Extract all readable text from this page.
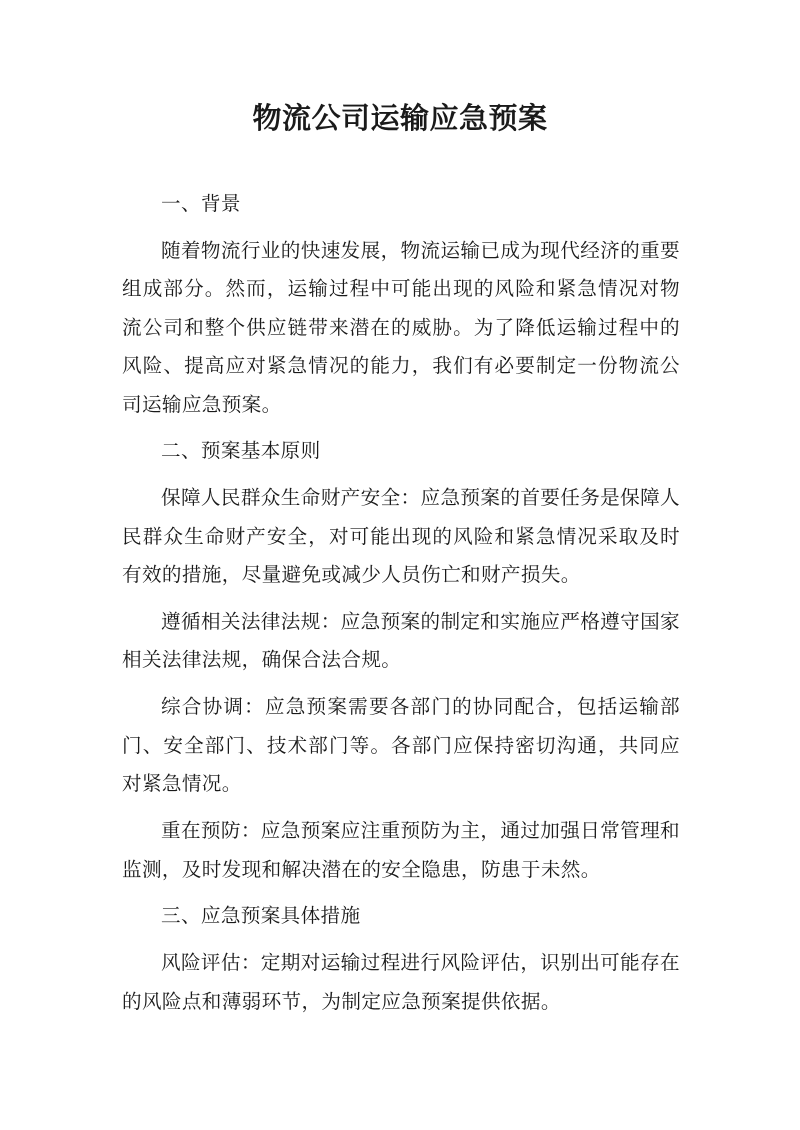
物流公司运输应急预案

一、背景

随着物流行业的快速发展，物流运输已成为现代经济的重要组成部分。然而，运输过程中可能出现的风险和紧急情况对物流公司和整个供应链带来潜在的威胁。为了降低运输过程中的风险、提高应对紧急情况的能力，我们有必要制定一份物流公司运输应急预案。

二、预案基本原则

保障人民群众生命财产安全：应急预案的首要任务是保障人民群众生命财产安全，对可能出现的风险和紧急情况采取及时有效的措施，尽量避免或减少人员伤亡和财产损失。

遵循相关法律法规：应急预案的制定和实施应严格遵守国家相关法律法规，确保合法合规。

综合协调：应急预案需要各部门的协同配合，包括运输部门、安全部门、技术部门等。各部门应保持密切沟通，共同应对紧急情况。

重在预防：应急预案应注重预防为主，通过加强日常管理和监测，及时发现和解决潜在的安全隐患，防患于未然。

三、应急预案具体措施

风险评估：定期对运输过程进行风险评估，识别出可能存在的风险点和薄弱环节，为制定应急预案提供依据。
